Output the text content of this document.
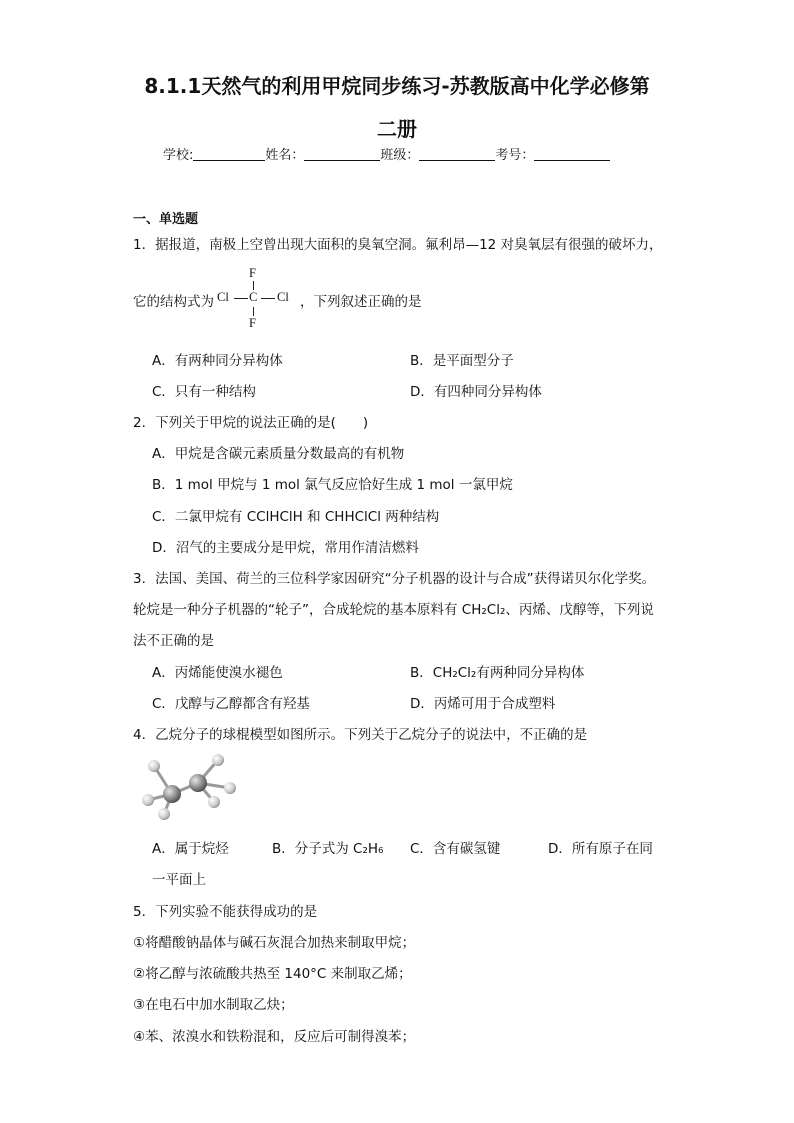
8.1.1天然气的利用甲烷同步练习-苏教版高中化学必修第
二册
学校:	姓名：	班级：	考号：
一、单选题
1．据报道，南极上空曾出现大面积的臭氧空洞。氟利昂—12 对臭氧层有很强的破坏力，
它的结构式为
F
Cl C Cl
F
，下列叙述正确的是
A．有两种同分异构体	B．是平面型分子
C．只有一种结构	D．有四种同分异构体
2．下列关于甲烷的说法正确的是(　　)
A．甲烷是含碳元素质量分数最高的有机物
B．1 mol 甲烷与 1 mol 氯气反应恰好生成 1 mol 一氯甲烷
C．二氯甲烷有 CClHClH 和 CHHClCl 两种结构
D．沼气的主要成分是甲烷，常用作清洁燃料
3．法国、美国、荷兰的三位科学家因研究“分子机器的设计与合成”获得诺贝尔化学奖。
轮烷是一种分子机器的“轮子”，合成轮烷的基本原料有 CH₂Cl₂、丙烯、戊醇等，下列说
法不正确的是
A．丙烯能使溴水褪色	B．CH₂Cl₂有两种同分异构体
C．戊醇与乙醇都含有羟基	D．丙烯可用于合成塑料
4．乙烷分子的球棍模型如图所示。下列关于乙烷分子的说法中，不正确的是
A．属于烷烃	B．分子式为 C₂H₆ C．含有碳氢键	D．所有原子在同
一平面上
5．下列实验不能获得成功的是
①将醋酸钠晶体与碱石灰混合加热来制取甲烷；
②将乙醇与浓硫酸共热至 140°C 来制取乙烯；
③在电石中加水制取乙炔；
④苯、浓溴水和铁粉混和，反应后可制得溴苯；
